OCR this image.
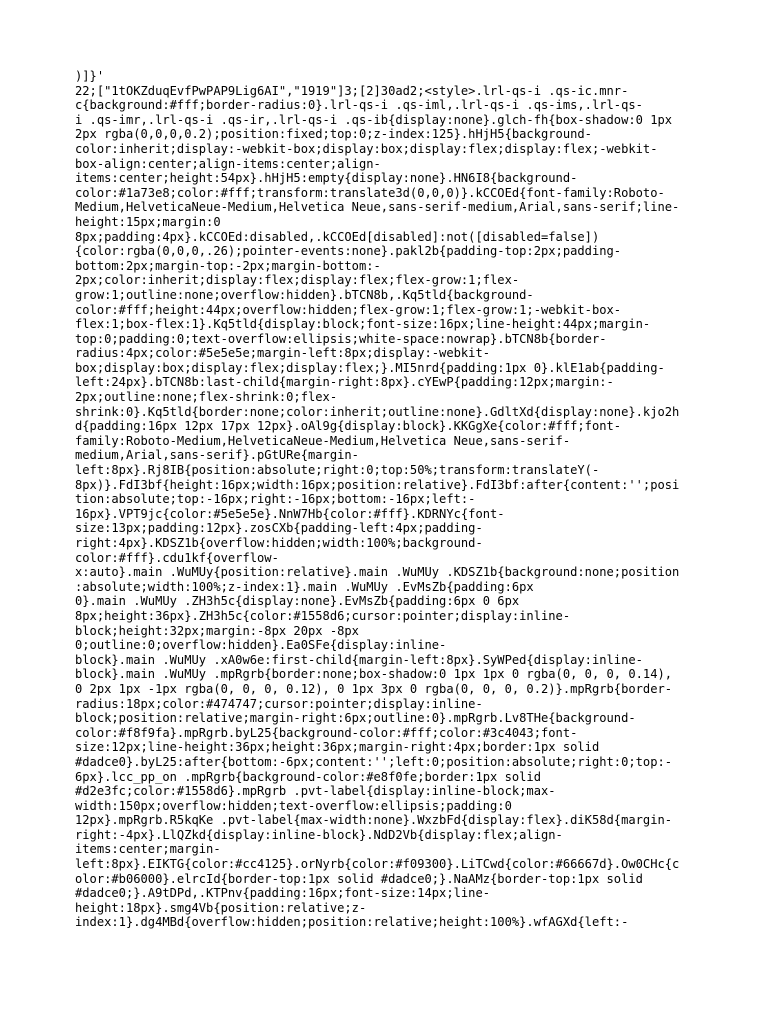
)]}'
22;["1tOKZduqEvfPwPAP9Lig6AI","1919"]3;[2]30ad2;<style>.lrl-qs-i .qs-ic.mnr-
c{background:#fff;border-radius:0}.lrl-qs-i .qs-iml,.lrl-qs-i .qs-ims,.lrl-qs-
i .qs-imr,.lrl-qs-i .qs-ir,.lrl-qs-i .qs-ib{display:none}.glch-fh{box-shadow:0 1px
2px rgba(0,0,0,0.2);position:fixed;top:0;z-index:125}.hHjH5{background-
color:inherit;display:-webkit-box;display:box;display:flex;display:flex;-webkit-
box-align:center;align-items:center;align-
items:center;height:54px}.hHjH5:empty{display:none}.HN6I8{background-
color:#1a73e8;color:#fff;transform:translate3d(0,0,0)}.kCCOEd{font-family:Roboto-
Medium,HelveticaNeue-Medium,Helvetica Neue,sans-serif-medium,Arial,sans-serif;line-
height:15px;margin:0
8px;padding:4px}.kCCOEd:disabled,.kCCOEd[disabled]:not([disabled=false])
{color:rgba(0,0,0,.26);pointer-events:none}.pakl2b{padding-top:2px;padding-
bottom:2px;margin-top:-2px;margin-bottom:-
2px;color:inherit;display:flex;display:flex;flex-grow:1;flex-
grow:1;outline:none;overflow:hidden}.bTCN8b,.Kq5tld{background-
color:#fff;height:44px;overflow:hidden;flex-grow:1;flex-grow:1;-webkit-box-
flex:1;box-flex:1}.Kq5tld{display:block;font-size:16px;line-height:44px;margin-
top:0;padding:0;text-overflow:ellipsis;white-space:nowrap}.bTCN8b{border-
radius:4px;color:#5e5e5e;margin-left:8px;display:-webkit-
box;display:box;display:flex;display:flex;}.MI5nrd{padding:1px 0}.klE1ab{padding-
left:24px}.bTCN8b:last-child{margin-right:8px}.cYEwP{padding:12px;margin:-
2px;outline:none;flex-shrink:0;flex-
shrink:0}.Kq5tld{border:none;color:inherit;outline:none}.GdltXd{display:none}.kjo2h
d{padding:16px 12px 17px 12px}.oAl9g{display:block}.KKGgXe{color:#fff;font-
family:Roboto-Medium,HelveticaNeue-Medium,Helvetica Neue,sans-serif-
medium,Arial,sans-serif}.pGtURe{margin-
left:8px}.Rj8IB{position:absolute;right:0;top:50%;transform:translateY(-
8px)}.FdI3bf{height:16px;width:16px;position:relative}.FdI3bf:after{content:'';posi
tion:absolute;top:-16px;right:-16px;bottom:-16px;left:-
16px}.VPT9jc{color:#5e5e5e}.NnW7Hb{color:#fff}.KDRNYc{font-
size:13px;padding:12px}.zosCXb{padding-left:4px;padding-
right:4px}.KDSZ1b{overflow:hidden;width:100%;background-
color:#fff}.cdu1kf{overflow-
x:auto}.main .WuMUy{position:relative}.main .WuMUy .KDSZ1b{background:none;position
:absolute;width:100%;z-index:1}.main .WuMUy .EvMsZb{padding:6px
0}.main .WuMUy .ZH3h5c{display:none}.EvMsZb{padding:6px 0 6px
8px;height:36px}.ZH3h5c{color:#1558d6;cursor:pointer;display:inline-
block;height:32px;margin:-8px 20px -8px
0;outline:0;overflow:hidden}.Ea0SFe{display:inline-
block}.main .WuMUy .xA0w6e:first-child{margin-left:8px}.SyWPed{display:inline-
block}.main .WuMUy .mpRgrb{border:none;box-shadow:0 1px 1px 0 rgba(0, 0, 0, 0.14),
0 2px 1px -1px rgba(0, 0, 0, 0.12), 0 1px 3px 0 rgba(0, 0, 0, 0.2)}.mpRgrb{border-
radius:18px;color:#474747;cursor:pointer;display:inline-
block;position:relative;margin-right:6px;outline:0}.mpRgrb.Lv8THe{background-
color:#f8f9fa}.mpRgrb.byL25{background-color:#fff;color:#3c4043;font-
size:12px;line-height:36px;height:36px;margin-right:4px;border:1px solid
#dadce0}.byL25:after{bottom:-6px;content:'';left:0;position:absolute;right:0;top:-
6px}.lcc_pp_on .mpRgrb{background-color:#e8f0fe;border:1px solid
#d2e3fc;color:#1558d6}.mpRgrb .pvt-label{display:inline-block;max-
width:150px;overflow:hidden;text-overflow:ellipsis;padding:0
12px}.mpRgrb.R5kqKe .pvt-label{max-width:none}.WxzbFd{display:flex}.diK58d{margin-
right:-4px}.LlQZkd{display:inline-block}.NdD2Vb{display:flex;align-
items:center;margin-
left:8px}.EIKTG{color:#cc4125}.orNyrb{color:#f09300}.LiTCwd{color:#66667d}.Ow0CHc{c
olor:#b06000}.elrcId{border-top:1px solid #dadce0;}.NaAMz{border-top:1px solid
#dadce0;}.A9tDPd,.KTPnv{padding:16px;font-size:14px;line-
height:18px}.smg4Vb{position:relative;z-
index:1}.dg4MBd{overflow:hidden;position:relative;height:100%}.wfAGXd{left:-
